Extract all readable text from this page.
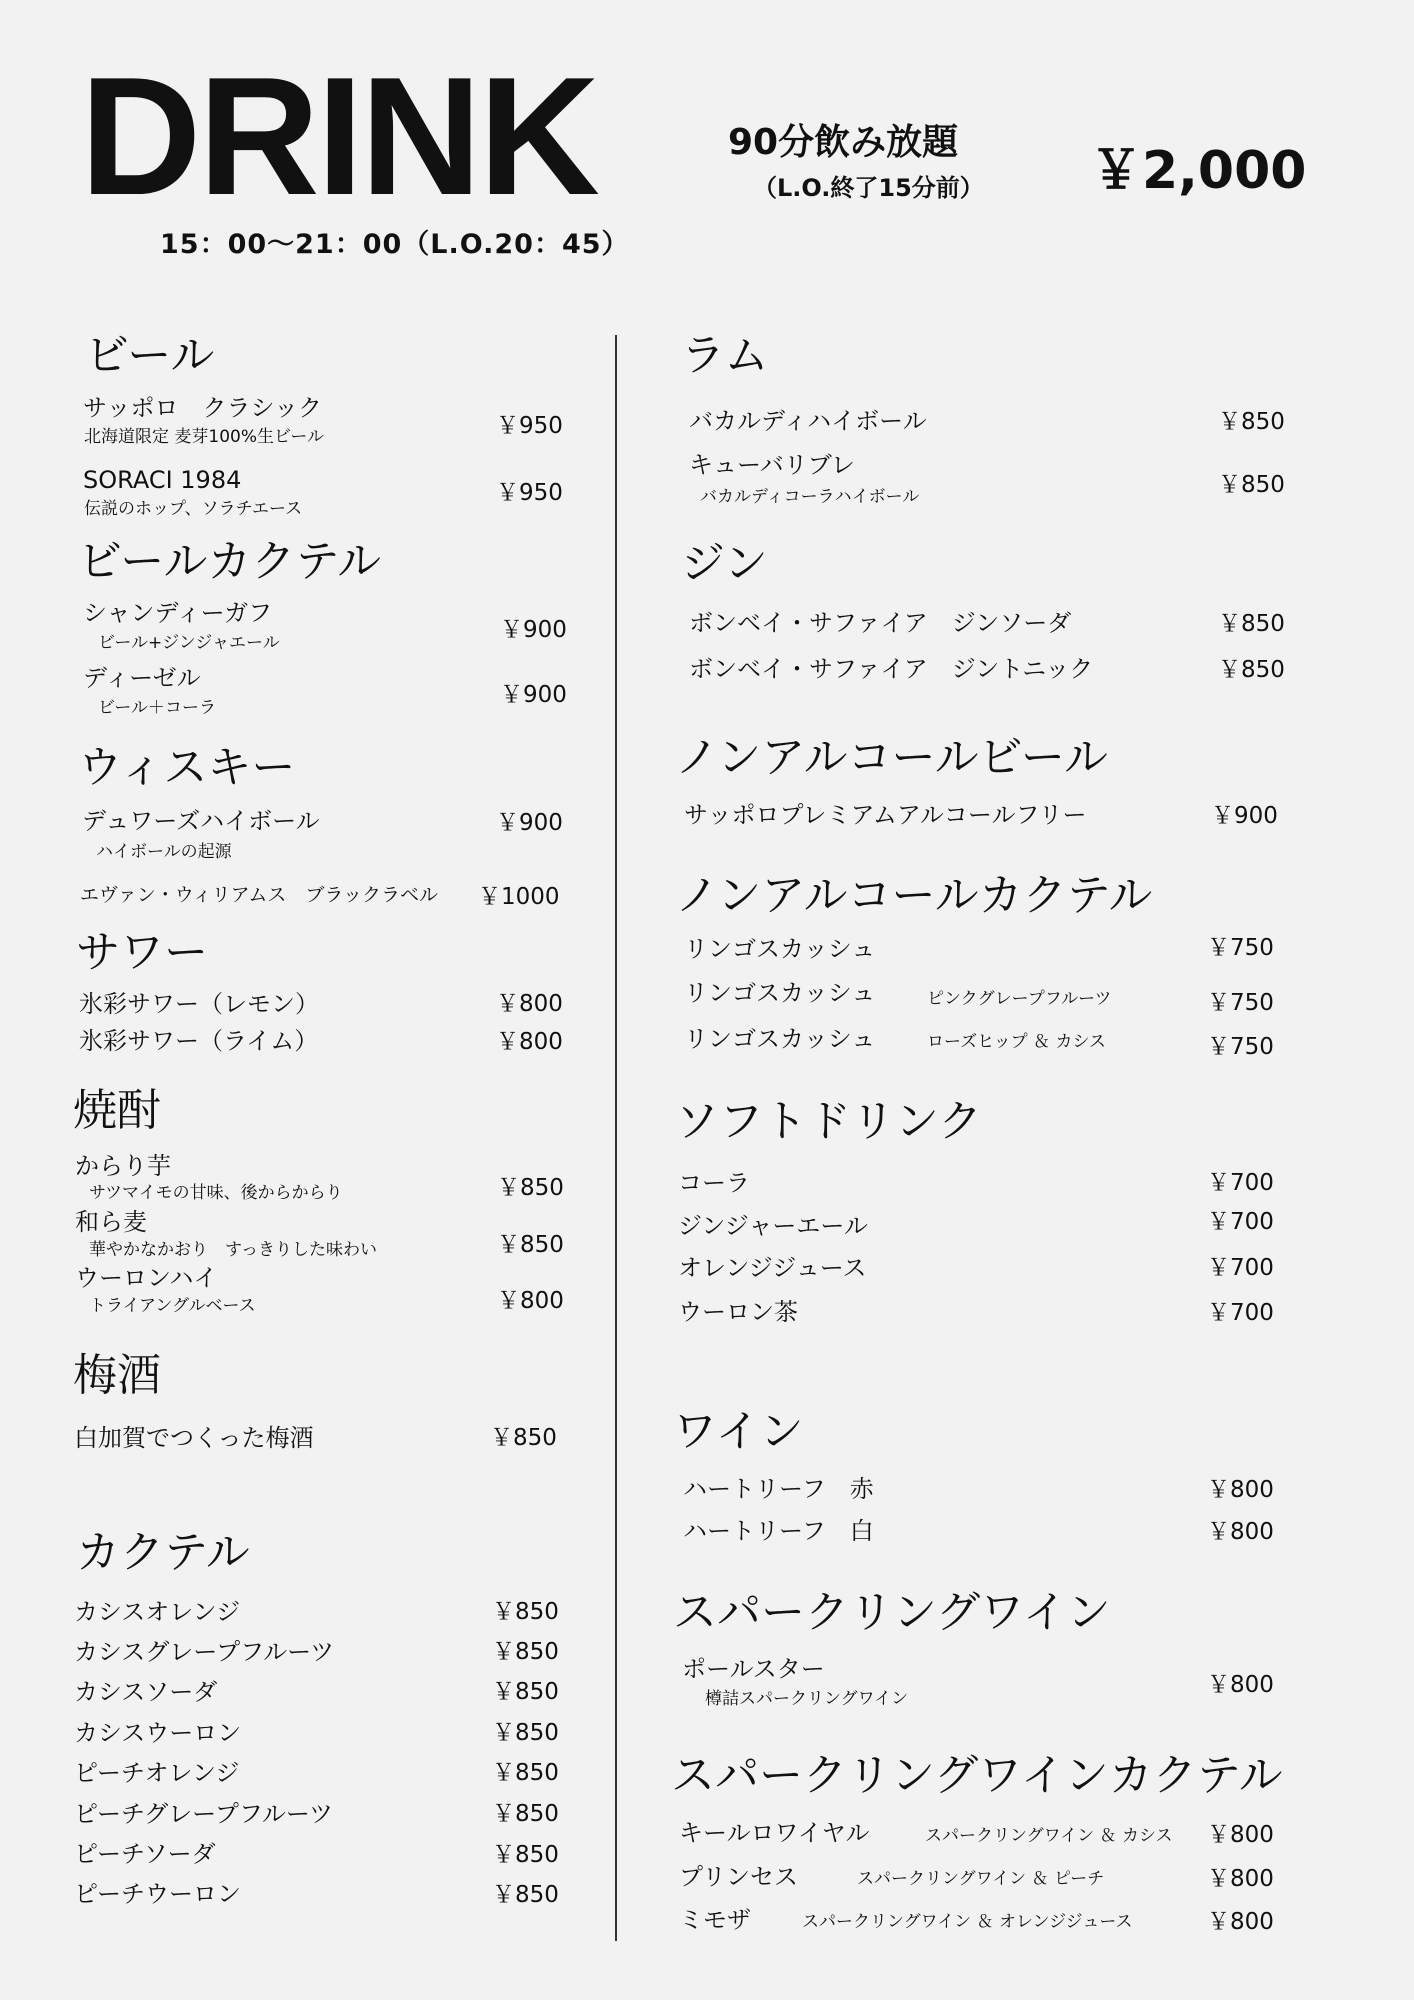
DRINK
15：00〜21：00（L.O.20：45）
90分飲み放題
（L.O.終了15分前） ￥2,000
ビール
サッポロ　クラシック
北海道限定 麦芽100%生ビール	￥950
SORACI 1984
伝説のホップ、ソラチエース
￥950
ビールカクテル
シャンディーガフ
ビール+ジンジャエール	￥900
ディーゼル
ビール＋コーラ	￥900
ウィスキー
デュワーズハイボール
ハイボールの起源
￥900
エヴァン・ウィリアムス　ブラックラベル ￥1000
サワー
氷彩サワー（レモン）	￥800
氷彩サワー（ライム）	￥800
焼酎
からり芋
サツマイモの甘味、後からからり	￥850
和ら麦
華やかなかおり　すっきりした味わい	￥850
ウーロンハイ
トライアングルベース	￥800
梅酒
白加賀でつくった梅酒	￥850
カクテル
カシスオレンジ	￥850
カシスグレープフルーツ	￥850
カシスソーダ	￥850
カシスウーロン	￥850
ピーチオレンジ	￥850
ピーチグレープフルーツ	￥850
ピーチソーダ	￥850
ピーチウーロン	￥850
ラム
バカルディハイボール	￥850
キューバリブレ
バカルディコーラハイボール	￥850
ジン
ボンベイ・サファイア　ジンソーダ	￥850
ボンベイ・サファイア　ジントニック	￥850
ノンアルコールビール
サッポロプレミアムアルコールフリー	￥900
ノンアルコールカクテル
リンゴスカッシュ	￥750
リンゴスカッシュ	ピンクグレープフルーツ	￥750
リンゴスカッシュ	ローズヒップ ＆ カシス	￥750
ソフトドリンク
コーラ	￥700
ジンジャーエール	￥700
オレンジジュース	￥700
ウーロン茶	￥700
ワイン
ハートリーフ　赤	￥800
ハートリーフ　白	￥800
スパークリングワイン
ポールスター
樽詰スパークリングワイン
￥800
スパークリングワインカクテル
キールロワイヤル	スパークリングワイン ＆ カシス ￥800
プリンセス	スパークリングワイン ＆ ピーチ	￥800
ミモザ	スパークリングワイン ＆ オレンジジュース	￥800
